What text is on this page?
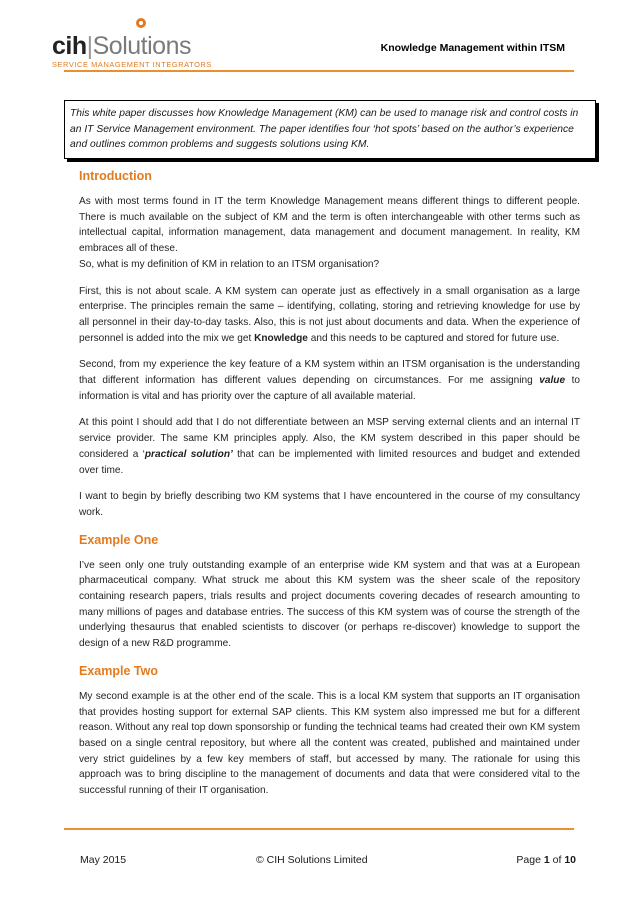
cih|Solutions
SERVICE MANAGEMENT INTEGRATORS
Knowledge Management within ITSM
This white paper discusses how Knowledge Management (KM) can be used to manage risk and control costs in an IT Service Management environment. The paper identifies four ‘hot spots’ based on the author’s experience and outlines common problems and suggests solutions using KM.
Introduction

As with most terms found in IT the term Knowledge Management means different things to different people. There is much available on the subject of KM and the term is often interchangeable with other terms such as intellectual capital, information management, data management and document management. In reality, KM embraces all of these.

So, what is my definition of KM in relation to an ITSM organisation?

First, this is not about scale. A KM system can operate just as effectively in a small organisation as a large enterprise. The principles remain the same – identifying, collating, storing and retrieving knowledge for use by all personnel in their day-to-day tasks. Also, this is not just about documents and data. When the experience of personnel is added into the mix we get Knowledge and this needs to be captured and stored for future use.

Second, from my experience the key feature of a KM system within an ITSM organisation is the understanding that different information has different values depending on circumstances. For me assigning value to information is vital and has priority over the capture of all available material.

At this point I should add that I do not differentiate between an MSP serving external clients and an internal IT service provider. The same KM principles apply. Also, the KM system described in this paper should be considered a ‘practical solution’ that can be implemented with limited resources and budget and extended over time.

I want to begin by briefly describing two KM systems that I have encountered in the course of my consultancy work.

Example One

I’ve seen only one truly outstanding example of an enterprise wide KM system and that was at a European pharmaceutical company. What struck me about this KM system was the sheer scale of the repository containing research papers, trials results and project documents covering decades of research amounting to many millions of pages and database entries. The success of this KM system was of course the strength of the underlying thesaurus that enabled scientists to discover (or perhaps re-discover) knowledge to support the design of a new R&D programme.

Example Two

My second example is at the other end of the scale. This is a local KM system that supports an IT organisation that provides hosting support for external SAP clients. This KM system also impressed me but for a different reason. Without any real top down sponsorship or funding the technical teams had created their own KM system based on a single central repository, but where all the content was created, published and maintained under very strict guidelines by a few key members of staff, but accessed by many. The rationale for using this approach was to bring discipline to the management of documents and data that were considered vital to the successful running of their IT organisation.

May 2015	© CIH Solutions Limited	Page 1 of 10
